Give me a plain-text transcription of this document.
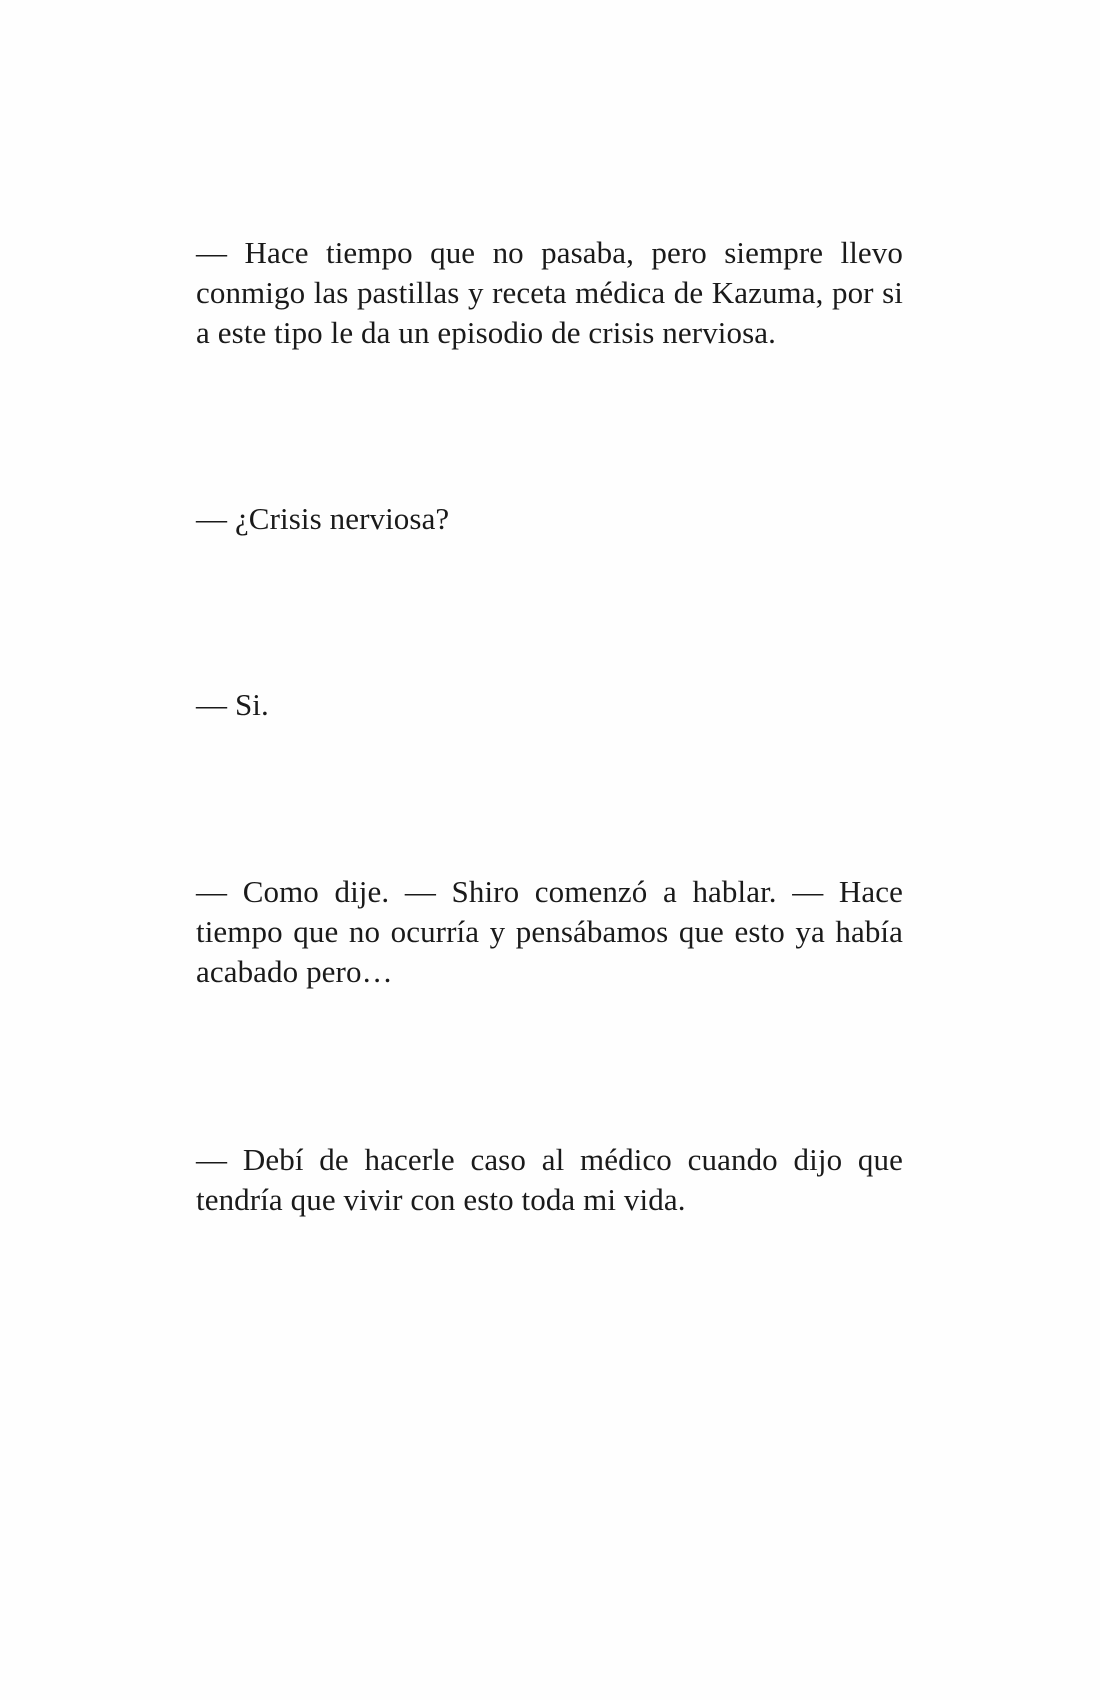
— Hace tiempo que no pasaba, pero siempre llevo conmigo las pastillas y receta médica de Kazuma, por si a este tipo le da un episodio de crisis nerviosa.

— ¿Crisis nerviosa?

— Si.

— Como dije. — Shiro comenzó a hablar. — Hace tiempo que no ocurría y pensábamos que esto ya había acabado pero…

— Debí de hacerle caso al médico cuando dijo que tendría que vivir con esto toda mi vida.
